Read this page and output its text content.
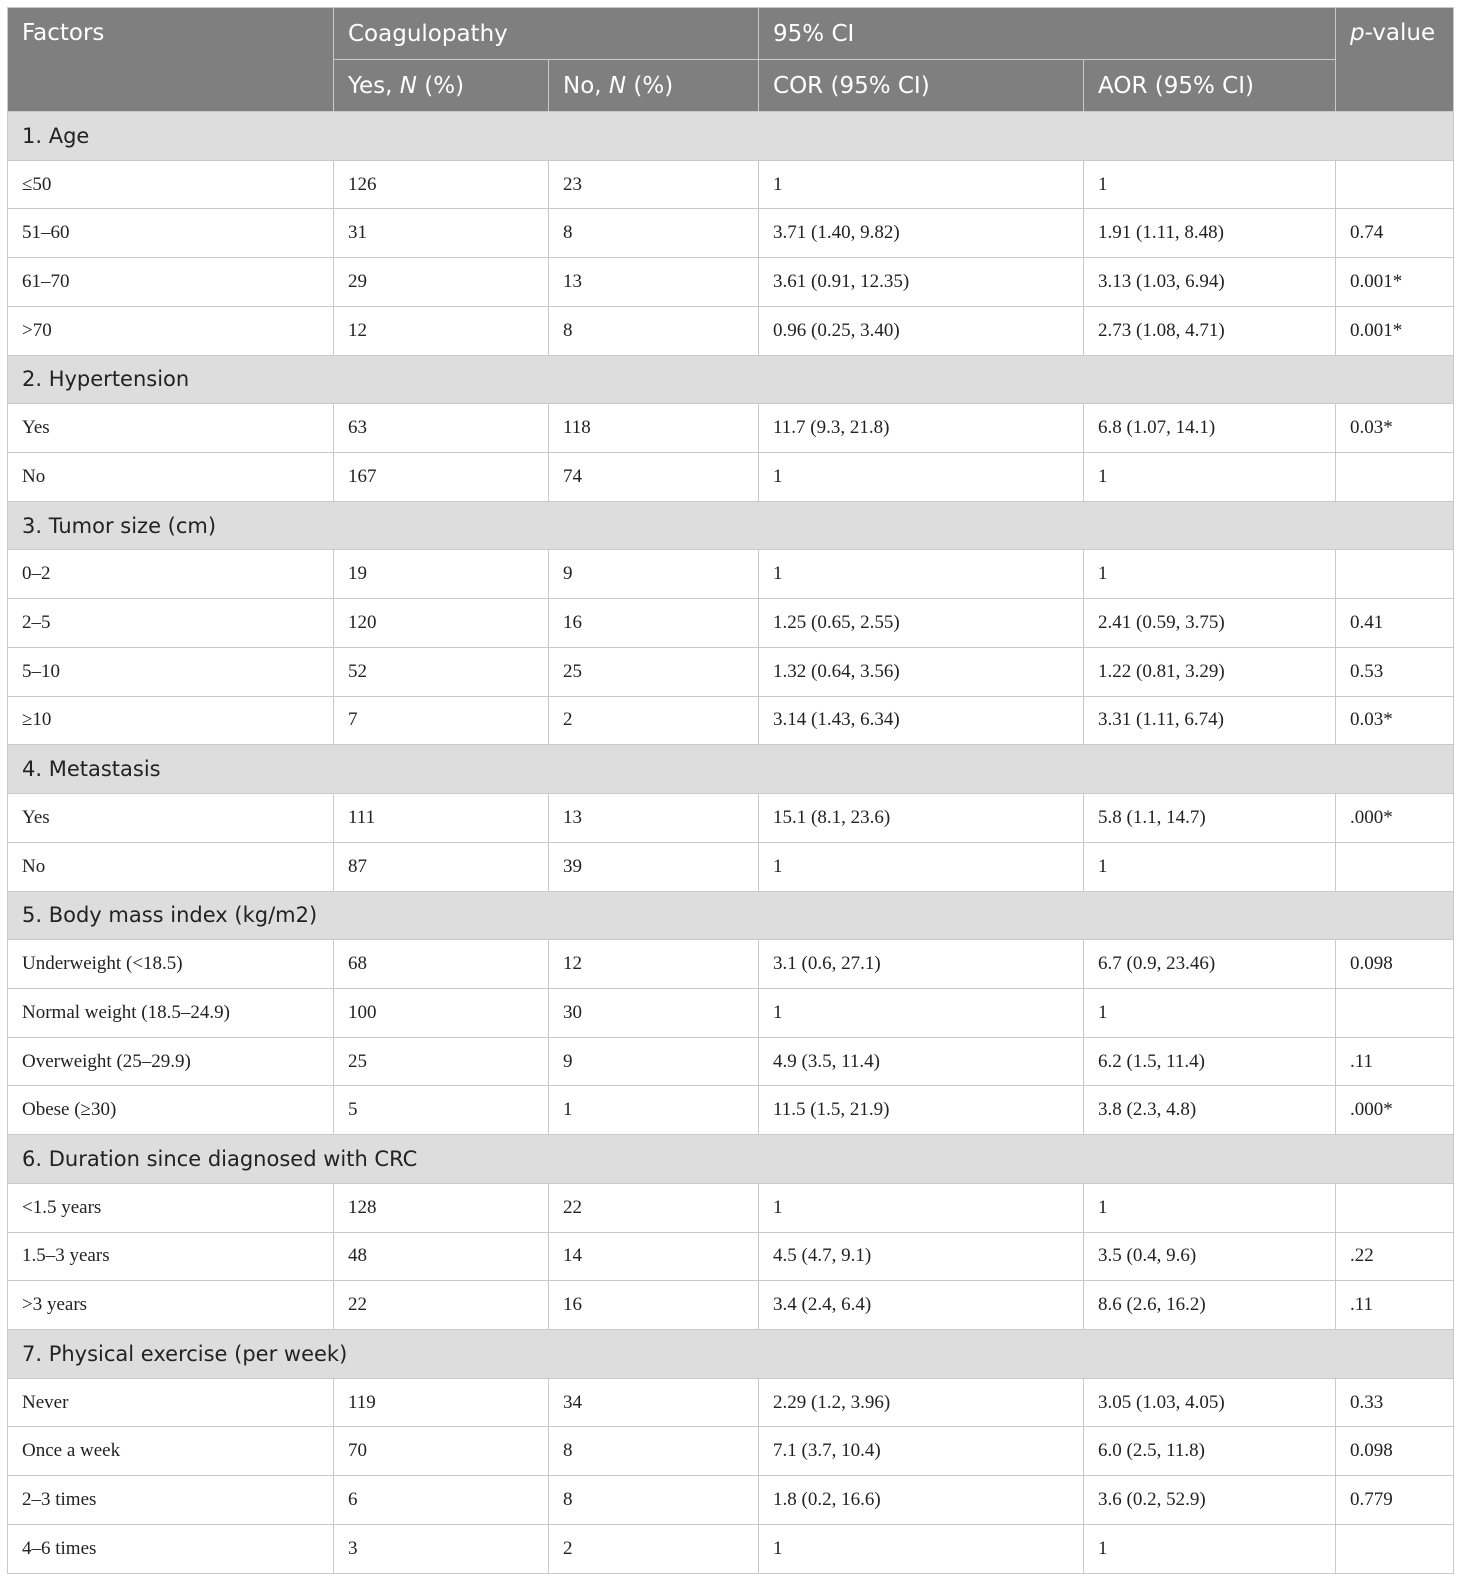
Factors	Coagulopathy		95% CI		p-value
	Yes, N (%)	No, N (%)	COR (95% CI)	AOR (95% CI)	
1. Age					
≤50	126	23	1	1	
51–60	31	8	3.71 (1.40, 9.82)	1.91 (1.11, 8.48)	0.74
61–70	29	13	3.61 (0.91, 12.35)	3.13 (1.03, 6.94)	0.001*
>70	12	8	0.96 (0.25, 3.40)	2.73 (1.08, 4.71)	0.001*
2. Hypertension					
Yes	63	118	11.7 (9.3, 21.8)	6.8 (1.07, 14.1)	0.03*
No	167	74	1	1	
3. Tumor size (cm)					
0–2	19	9	1	1	
2–5	120	16	1.25 (0.65, 2.55)	2.41 (0.59, 3.75)	0.41
5–10	52	25	1.32 (0.64, 3.56)	1.22 (0.81, 3.29)	0.53
≥10	7	2	3.14 (1.43, 6.34)	3.31 (1.11, 6.74)	0.03*
4. Metastasis					
Yes	111	13	15.1 (8.1, 23.6)	5.8 (1.1, 14.7)	.000*
No	87	39	1	1	
5. Body mass index (kg/m2)					
Underweight (<18.5)	68	12	3.1 (0.6, 27.1)	6.7 (0.9, 23.46)	0.098
Normal weight (18.5–24.9)	100	30	1	1	
Overweight (25–29.9)	25	9	4.9 (3.5, 11.4)	6.2 (1.5, 11.4)	.11
Obese (≥30)	5	1	11.5 (1.5, 21.9)	3.8 (2.3, 4.8)	.000*
6. Duration since diagnosed with CRC					
<1.5 years	128	22	1	1	
1.5–3 years	48	14	4.5 (4.7, 9.1)	3.5 (0.4, 9.6)	.22
>3 years	22	16	3.4 (2.4, 6.4)	8.6 (2.6, 16.2)	.11
7. Physical exercise (per week)					
Never	119	34	2.29 (1.2, 3.96)	3.05 (1.03, 4.05)	0.33
Once a week	70	8	7.1 (3.7, 10.4)	6.0 (2.5, 11.8)	0.098
2–3 times	6	8	1.8 (0.2, 16.6)	3.6 (0.2, 52.9)	0.779
4–6 times	3	2	1	1	
